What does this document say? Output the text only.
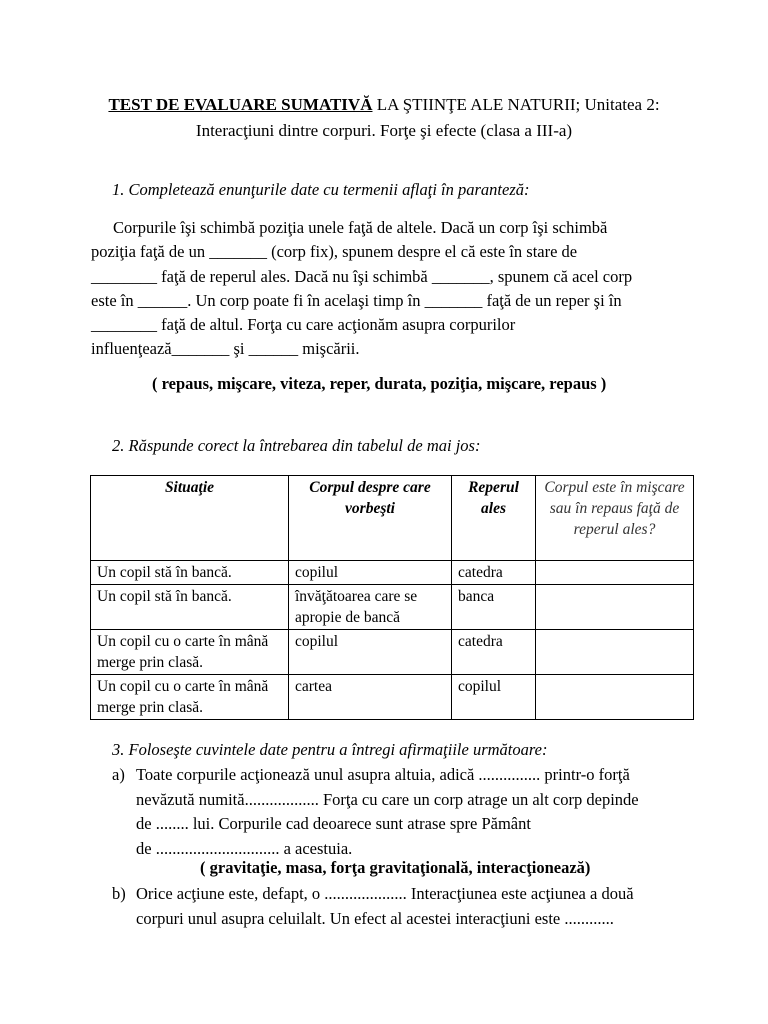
TEST DE EVALUARE SUMATIVĂ LA ŞTIINŢE ALE NATURII; Unitatea 2:
Interacţiuni dintre corpuri. Forţe şi efecte (clasa a III-a)
1. Completează enunţurile date cu termenii aflaţi în paranteză:
Corpurile îşi schimbă poziţia unele faţă de altele. Dacă un corp îşi schimbă
poziţia faţă de un _______ (corp fix), spunem despre el că este în stare de
________ faţă de reperul ales. Dacă nu îşi schimbă _______, spunem că acel corp
este în ______. Un corp poate fi în acelaşi timp în _______ faţă de un reper şi în
________ faţă de altul. Forţa cu care acţionăm asupra corpurilor
influenţează_______ şi ______ mişcării.
( repaus, mişcare, viteza, reper, durata, poziţia, mişcare, repaus )
2. Răspunde corect la întrebarea din tabelul de mai jos:
Situaţie	Corpul despre care vorbeşti	Reperul ales	Corpul este în mişcare sau în repaus faţă de reperul ales?
Un copil stă în bancă.	copilul	catedra	
Un copil stă în bancă.	învăţătoarea care se apropie de bancă	banca	
Un copil cu o carte în mână merge prin clasă.	copilul	catedra	
Un copil cu o carte în mână merge prin clasă.	cartea	copilul	
3. Foloseşte cuvintele date pentru a întregi afirmaţiile următoare:
a) Toate corpurile acţionează unul asupra altuia, adică ............... printr-o forţă
nevăzută numită.................. Forţa cu care un corp atrage un alt corp depinde
de ........ lui. Corpurile cad deoarece sunt atrase spre Pământ
de .............................. a acestuia.
( gravitaţie, masa, forţa gravitaţională, interacţionează)
b) Orice acţiune este, defapt, o .................... Interacţiunea este acţiunea a două
corpuri unul asupra celuilalt. Un efect al acestei interacţiuni este ............
